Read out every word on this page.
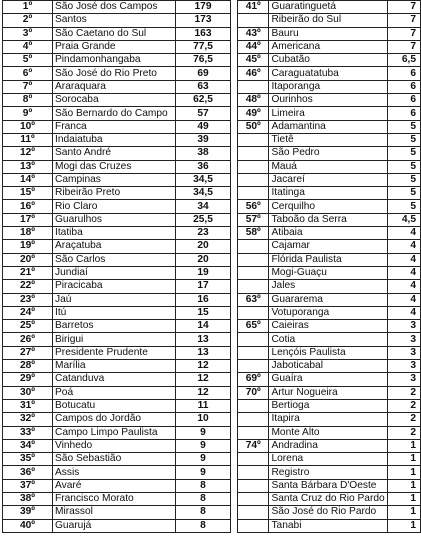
1º	São José dos Campos	179
2º	Santos	173
3º	São Caetano do Sul	163
4º	Praia Grande	77,5
5º	Pindamonhangaba	76,5
6º	São José do Rio Preto	69
7º	Araraquara	63
8º	Sorocaba	62,5
9º	São Bernardo do Campo	57
10º	Franca	49
11º	Indaiatuba	39
12º	Santo André	38
13º	Mogi das Cruzes	36
14º	Campinas	34,5
15º	Ribeirão Preto	34,5
16º	Rio Claro	34
17º	Guarulhos	25,5
18º	Itatiba	23
19º	Araçatuba	20
20º	São Carlos	20
21º	Jundiaí	19
22º	Piracicaba	17
23º	Jaú	16
24º	Itú	15
25º	Barretos	14
26º	Birigui	13
27º	Presidente Prudente	13
28º	Marília	12
29º	Catanduva	12
30º	Poá	12
31º	Botucatu	11
32º	Campos do Jordão	10
33º	Campo Limpo Paulista	9
34º	Vinhedo	9
35º	São Sebastião	9
36º	Assis	9
37º	Avaré	8
38º	Francisco Morato	8
39º	Mirassol	8
40º	Guarujá	8
41º	Guaratinguetá	7
	Ribeirão do Sul	7
43º	Bauru	7
44º	Americana	7
45º	Cubatão	6,5
46º	Caraguatatuba	6
	Itaporanga	6
48º	Ourinhos	6
49º	Limeira	6
50º	Adamantina	5
	Tietê	5
	São Pedro	5
	Mauá	5
	Jacareí	5
	Itatinga	5
56º	Cerquilho	5
57º	Taboão da Serra	4,5
58º	Atibaia	4
	Cajamar	4
	Flórida Paulista	4
	Mogi-Guaçu	4
	Jales	4
63º	Guararema	4
	Votuporanga	4
65º	Caieiras	3
	Cotia	3
	Lençóis Paulista	3
	Jaboticabal	3
69º	Guaíra	3
70º	Artur Nogueira	2
	Bertioga	2
	Itapira	2
	Monte Alto	2
74º	Andradina	1
	Lorena	1
	Registro	1
	Santa Bárbara D'Oeste	1
	Santa Cruz do Rio Pardo	1
	São José do Rio Pardo	1
	Tanabi	1
